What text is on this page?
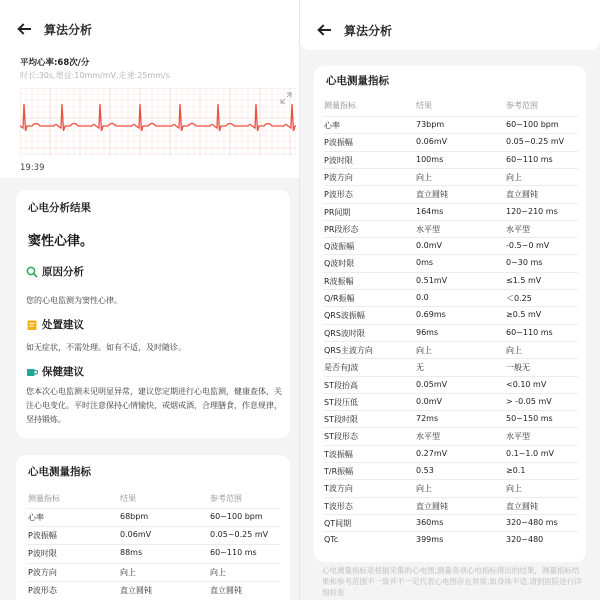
算法分析
平均心率:68次/分
时长:30s,增益:10mm/mV,走速:25mm/s
19:39
心电分析结果
窦性心律。
原因分析
您的心电监测为窦性心律。
处置建议
如无症状，不需处理。如有不适，及时随诊。
保健建议
您本次心电监测未见明显异常，建议您定期进行心电监测，健康查体，关注心电变化。平时注意保持心情愉快，戒烟戒酒，合理膳食，作息规律，坚持锻炼。
心电测量指标
测量指标	结果	参考范围
心率	68bpm	60~100 bpm
P波振幅	0.06mV	0.05~0.25 mV
P波时限	88ms	60~110 ms
P波方向	向上	向上
P波形态	直立圆钝	直立圆钝
算法分析
心电测量指标
测量指标	结果	参考范围
心率	73bpm	60~100 bpm
P波振幅	0.06mV	0.05~0.25 mV
P波时限	100ms	60~110 ms
P波方向	向上	向上
P波形态	直立圆钝	直立圆钝
PR间期	164ms	120~210 ms
PR段形态	水平型	水平型
Q波振幅	0.0mV	-0.5~0 mV
Q波时限	0ms	0~30 ms
R波振幅	0.51mV	≤1.5 mV
Q/R振幅	0.0	＜0.25
QRS波振幅	0.69ms	≥0.5 mV
QRS波时限	96ms	60~110 ms
QRS主波方向	向上	向上
是否有J波	无	一般无
ST段抬高	0.05mV	<0.10 mV
ST段压低	0.0mV	> -0.05 mV
ST段时限	72ms	50~150 ms
ST段形态	水平型	水平型
T波振幅	0.27mV	0.1~1.0 mV
T/R振幅	0.53	≥0.1
T波方向	向上	向上
T波形态	直立圆钝	直立圆钝
QT间期	360ms	320~480 ms
QTc	399ms	320~480
心电测量指标是根据采集的心电图,测量各项心电指标得出的结果，测量指标结果和参考范围不一致并不一定代表心电图存在异常,如身体不适,请到医院进行详细检查
